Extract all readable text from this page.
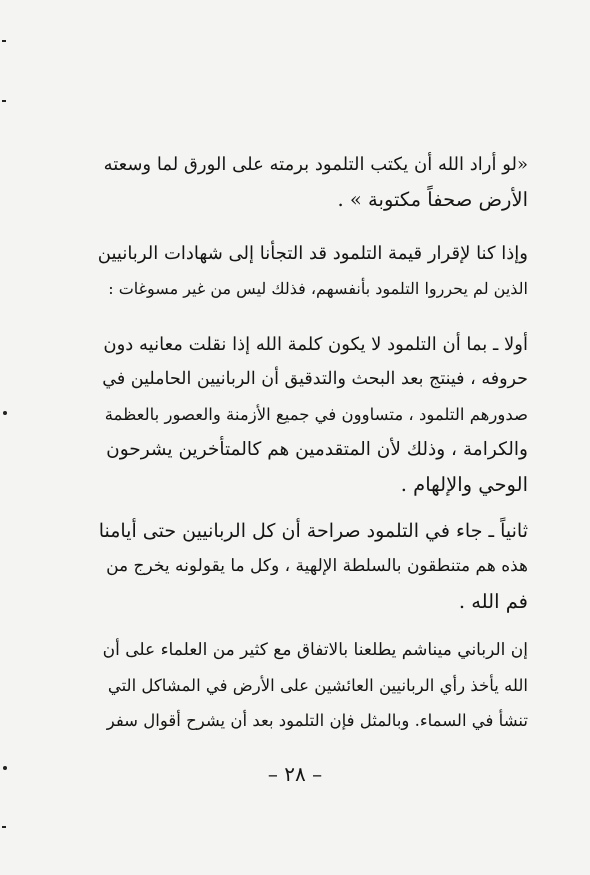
«لو أراد الله أن يكتب التلمود برمته على الورق لما وسعته
الأرض صحفاً مكتوبة » .
وإذا كنا لإقرار قيمة التلمود قد التجأنا إلى شهادات الربانيين
الذين لم يحرروا التلمود بأنفسهم، فذلك ليس من غير مسوغات :
أولا ـ بما أن التلمود لا يكون كلمة الله إذا نقلت معانيه دون
حروفه ، فينتج بعد البحث والتدقيق أن الربانيين الحاملين في
صدورهم التلمود ، متساوون في جميع الأزمنة والعصور بالعظمة
والكرامة ، وذلك لأن المتقدمين هم كالمتأخرين يشرحون
الوحي والإلهام .
ثانياً ـ جاء في التلمود صراحة أن كل الربانيين حتى أيامنا
هذه هم متنطقون بالسلطة الإلهية ، وكل ما يقولونه يخرج من
فم الله .
إن الرباني ميناشم يطلعنا بالاتفاق مع كثير من العلماء على أن
الله يأخذ رأي الربانيين العائشين على الأرض في المشاكل التي
تنشأ في السماء. وبالمثل فإن التلمود بعد أن يشرح أقوال سفر
– ٢٨ –
